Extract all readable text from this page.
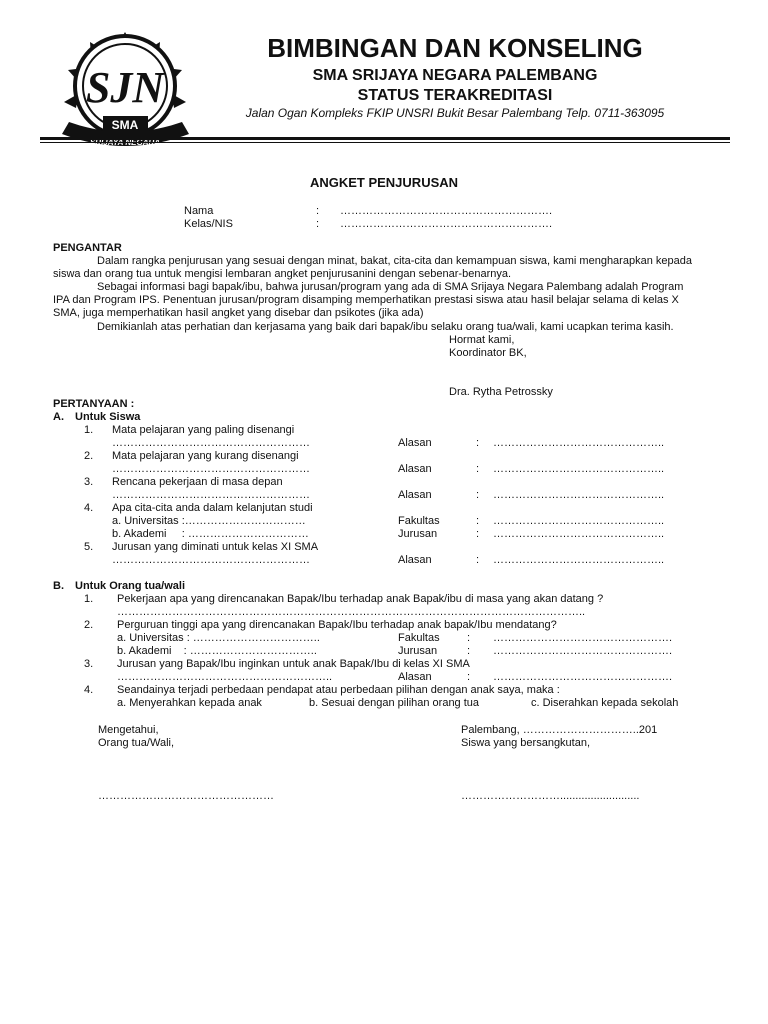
SJN
SMA
BIMBINGAN DAN KONSELING
SMA SRIJAYA NEGARA PALEMBANG
STATUS TERAKREDITASI
Jalan Ogan Kompleks FKIP UNSRI Bukit Besar Palembang Telp. 0711-363095
ANGKET PENJURUSAN
Nama	: ………………………………………………….
Kelas/NIS	: ………………………………………………….
PENGANTAR
Dalam rangka penjurusan yang sesuai dengan minat, bakat, cita-cita dan kemampuan siswa, kami mengharapkan kepada
siswa dan orang tua untuk mengisi lembaran angket penjurusanini dengan sebenar-benarnya.
Sebagai informasi bagi bapak/ibu, bahwa jurusan/program yang ada di SMA Srijaya Negara Palembang adalah Program
IPA dan Program IPS. Penentuan jurusan/program disamping memperhatikan prestasi siswa atau hasil belajar selama di kelas X
SMA, juga memperhatikan hasil angket yang disebar dan psikotes (jika ada)
Demikianlah atas perhatian dan kerjasama yang baik dari bapak/ibu selaku orang tua/wali, kami ucapkan terima kasih.
Hormat kami,
Koordinator BK,
Dra. Rytha Petrossky
PERTANYAAN :
A. Untuk Siswa
1. Mata pelajaran yang paling disenangi
………………………………………………	Alasan	: ………………………………………..
2. Mata pelajaran yang kurang disenangi
………………………………………………	Alasan	: ………………………………………..
3. Rencana pekerjaan di masa depan
………………………………………………	Alasan	: ………………………………………..
4. Apa cita-cita anda dalam kelanjutan studi
a. Universitas :……………………………	Fakultas	: ………………………………………..
b. Akademi     : ……………………………	Jurusan	: ………………………………………..
5. Jurusan yang diminati untuk kelas XI SMA
………………………………………………	Alasan	: ………………………………………..
B. Untuk Orang tua/wali
1. Pekerjaan apa yang direncanakan Bapak/Ibu terhadap anak Bapak/ibu di masa yang akan datang ?
………………………………………………………………………………………………………………..
2. Perguruan tinggi apa yang direncanakan Bapak/Ibu terhadap anak bapak/Ibu mendatang?
a. Universitas : ……………………………..	Fakultas : ………………………………………….
b. Akademi    : ……………………………..	Jurusan	: ………………………………………….
3. Jurusan yang Bapak/Ibu inginkan untuk anak Bapak/Ibu di kelas XI SMA
…………………………………………………..	Alasan	: ………………………………………….
4. Seandainya terjadi perbedaan pendapat atau perbedaan pilihan dengan anak saya, maka :
a. Menyerahkan kepada anak	b. Sesuai dengan pilihan orang tua	c. Diserahkan kepada sekolah
Mengetahui,
Orang tua/Wali,
Palembang, …………………………..201
Siswa yang bersangkutan,
…………………………………………	………………………..........................
